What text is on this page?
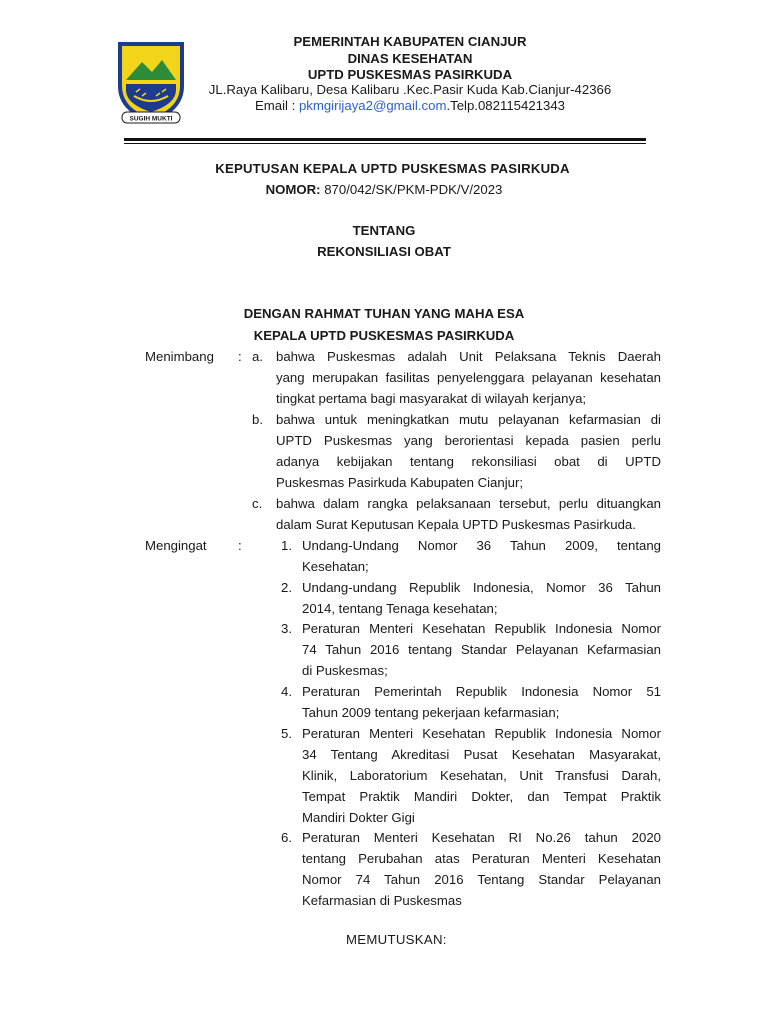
SUGIH MUKTI
PEMERINTAH KABUPATEN CIANJUR
DINAS KESEHATAN
UPTD PUSKESMAS PASIRKUDA
JL.Raya Kalibaru, Desa Kalibaru .Kec.Pasir Kuda Kab.Cianjur-42366
Email : pkmgirijaya2@gmail.com.Telp.082115421343
KEPUTUSAN KEPALA UPTD PUSKESMAS PASIRKUDA
NOMOR: 870/042/SK/PKM-PDK/V/2023
TENTANG
REKONSILIASI OBAT
DENGAN RAHMAT TUHAN YANG MAHA ESA
KEPALA UPTD PUSKESMAS PASIRKUDA
Menimbang : a. bahwa Puskesmas adalah Unit Pelaksana Teknis Daerah
yang merupakan fasilitas penyelenggara pelayanan kesehatan
tingkat pertama bagi masyarakat di wilayah kerjanya;
b. bahwa untuk meningkatkan mutu pelayanan kefarmasian di
UPTD Puskesmas yang berorientasi kepada pasien perlu
adanya kebijakan tentang rekonsiliasi obat di UPTD
Puskesmas Pasirkuda Kabupaten Cianjur;
c. bahwa dalam rangka pelaksanaan tersebut, perlu dituangkan
dalam Surat Keputusan Kepala UPTD Puskesmas Pasirkuda.
Mengingat :	1. Undang-Undang Nomor 36 Tahun 2009, tentang
Kesehatan;
2. Undang-undang Republik Indonesia, Nomor 36 Tahun
2014, tentang Tenaga kesehatan;
3. Peraturan Menteri Kesehatan Republik Indonesia Nomor
74 Tahun 2016 tentang Standar Pelayanan Kefarmasian
di Puskesmas;
4. Peraturan Pemerintah Republik Indonesia Nomor 51
Tahun 2009 tentang pekerjaan kefarmasian;
5. Peraturan Menteri Kesehatan Republik Indonesia Nomor
34 Tentang Akreditasi Pusat Kesehatan Masyarakat,
Klinik, Laboratorium Kesehatan, Unit Transfusi Darah,
Tempat Praktik Mandiri Dokter, dan Tempat Praktik
Mandiri Dokter Gigi
6. Peraturan Menteri Kesehatan RI No.26 tahun 2020
tentang Perubahan atas Peraturan Menteri Kesehatan
Nomor 74 Tahun 2016 Tentang Standar Pelayanan
Kefarmasian di Puskesmas
MEMUTUSKAN:
